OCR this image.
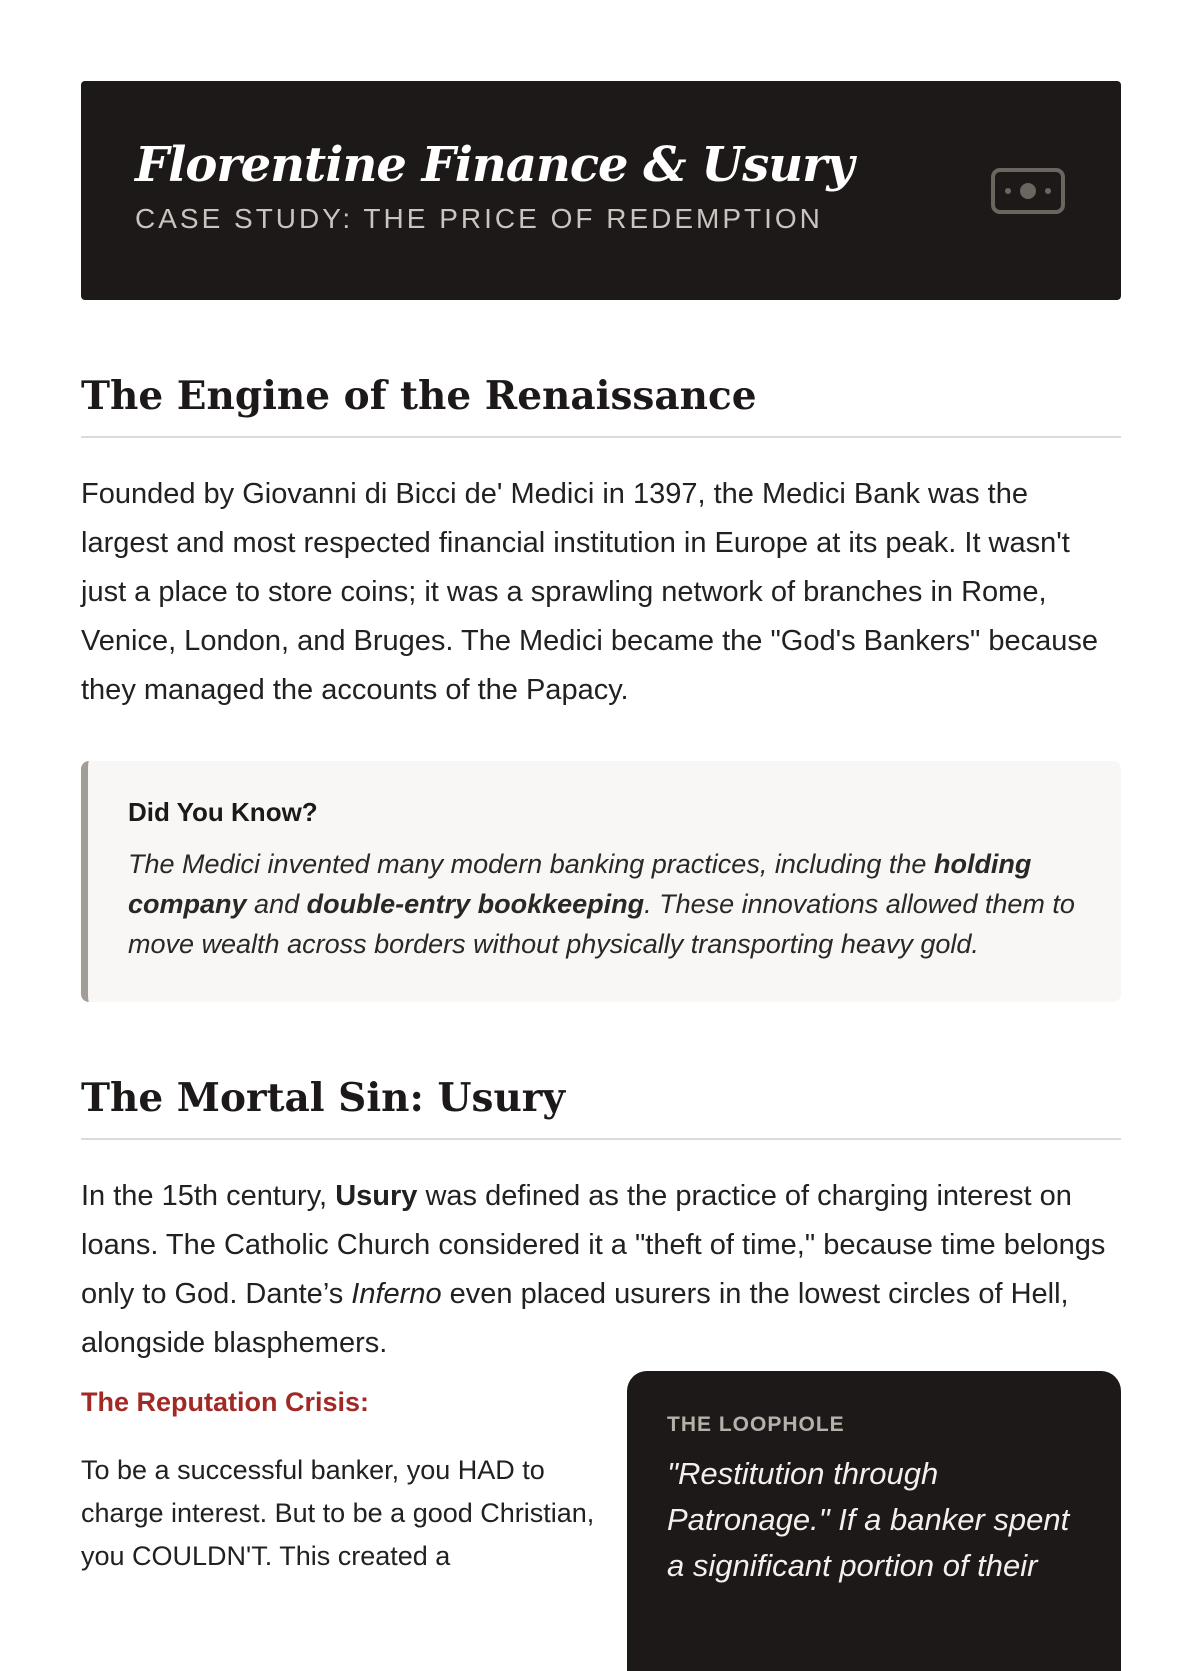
Florentine Finance & Usury
CASE STUDY: THE PRICE OF REDEMPTION
The Engine of the Renaissance

Founded by Giovanni di Bicci de' Medici in 1397, the Medici Bank was the largest and most respected financial institution in Europe at its peak. It wasn't just a place to store coins; it was a sprawling network of branches in Rome, Venice, London, and Bruges. The Medici became the "God's Bankers" because they managed the accounts of the Papacy.

Did You Know?

The Medici invented many modern banking practices, including the holding company and double-entry bookkeeping. These innovations allowed them to move wealth across borders without physically transporting heavy gold.

The Mortal Sin: Usury

In the 15th century, Usury was defined as the practice of charging interest on loans. The Catholic Church considered it a "theft of time," because time belongs only to God. Dante’s Inferno even placed usurers in the lowest circles of Hell, alongside blasphemers.

The Reputation Crisis:

To be a successful banker, you HAD to charge interest. But to be a good Christian, you COULDN'T. This created a

THE LOOPHOLE

"Restitution through Patronage." If a banker spent a significant portion of their
